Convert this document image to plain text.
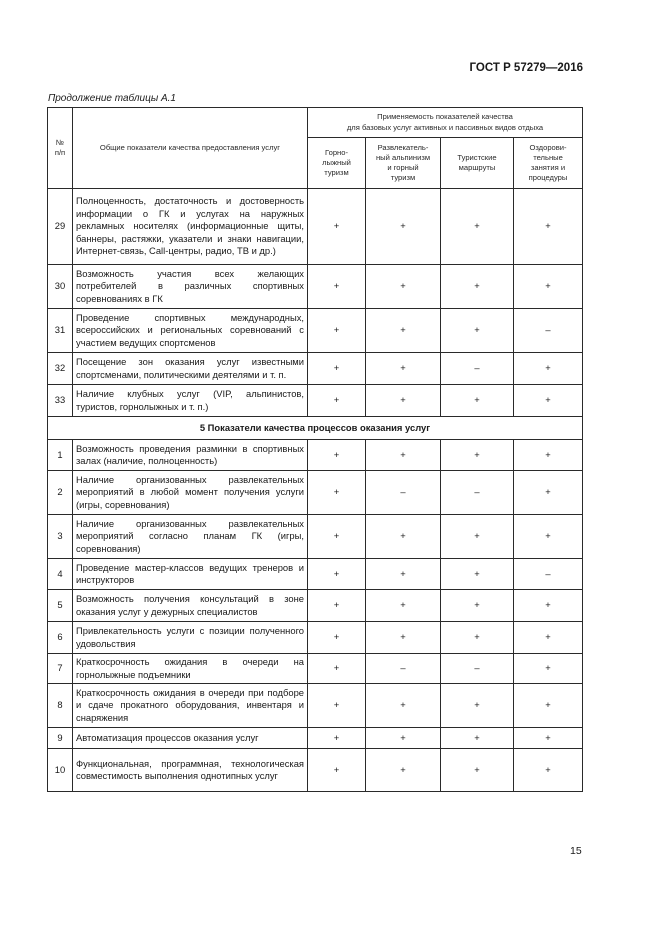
ГОСТ Р 57279—2016
Продолжение таблицы А.1
№
п/п	Общие показатели качества предоставления услуг	Применяемость показателей качества
для базовых услуг активных и пассивных видов отдыха			
		Горно-
лыжный
туризм	Развлекатель-
ный альпинизм
и горный
туризм	Туристские
маршруты	Оздорови-
тельные
занятия и
процедуры
29	Полноценность, достаточность и достоверность информации о ГК и услугах на наружных рекламных носителях (информационные щиты, баннеры, растяжки, указатели и знаки навигации, Интернет-связь, Call-центры, радио, ТВ и др.)	+	+	+	+
30	Возможность участия всех желающих потребителей в различных спортивных соревнованиях в ГК	+	+	+	+
31	Проведение спортивных международных, всероссийских и региональных соревнований с участием ведущих спортсменов	+	+	+	–
32	Посещение зон оказания услуг известными спортсменами, политическими деятелями и т. п.	+	+	–	+
33	Наличие клубных услуг (VIP, альпинистов, туристов, горнолыжных и т. п.)	+	+	+	+
5 Показатели качества процессов оказания услуг					
1	Возможность проведения разминки в спортивных залах (наличие, полноценность)	+	+	+	+
2	Наличие организованных развлекательных мероприятий в любой момент получения услуги (игры, соревнования)	+	–	–	+
3	Наличие организованных развлекательных мероприятий согласно планам ГК (игры, соревнования)	+	+	+	+
4	Проведение мастер-классов ведущих тренеров и инструкторов	+	+	+	–
5	Возможность получения консультаций в зоне оказания услуг у дежурных специалистов	+	+	+	+
6	Привлекательность услуги с позиции полученного удовольствия	+	+	+	+
7	Краткосрочность ожидания в очереди на горнолыжные подъемники	+	–	–	+
8	Краткосрочность ожидания в очереди при подборе и сдаче прокатного оборудования, инвентаря и снаряжения	+	+	+	+
9	Автоматизация процессов оказания услуг	+	+	+	+
10	Функциональная, программная, технологическая совместимость выполнения однотипных услуг	+	+	+	+
15
